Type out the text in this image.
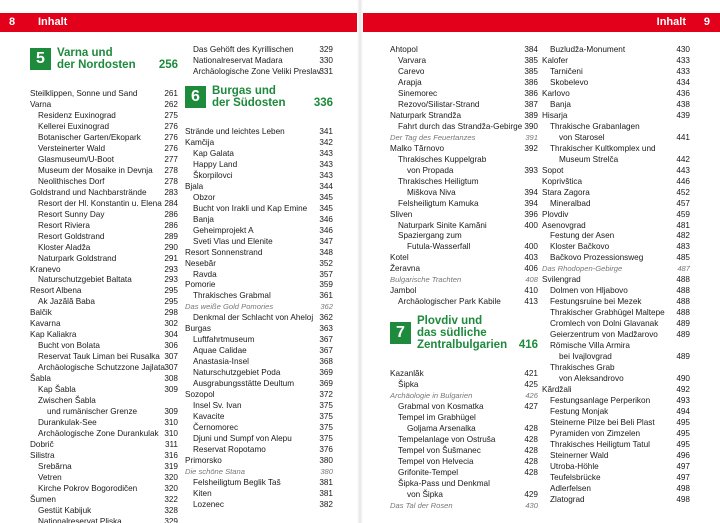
8 Inhalt
5	Varna und
der Nordosten 256
Steilklippen, Sonne und Sand	261
Varna	262
Residenz Euxinograd	275
Kellerei Euxinograd	276
Botanischer Garten/Ekopark	276
Versteinerter Wald	276
Glasmuseum/U-Boot	277
Museum der Mosaike in Devnja 278
Neolithisches Dorf	278
Goldstrand und Nachbarstrände 283
Resort der Hl. Konstantin u. Elena 284
Resort Sunny Day	286
Resort Riviera	286
Resort Goldstrand	289
Kloster Aladža	290
Naturpark Goldstrand	291
Kranevo	293
Naturschutzgebiet Baltata	293
Resort Albena	295
Ak Jazălă Baba	295
Balčik	298
Kavarna	302
Kap Kaliakra	304
Bucht von Bolata	306
Reservat Tauk Liman bei Rusalka 307
Archäologische Schutzzone Jajlata 307
Šabla	308
Kap Šabla	309
Zwischen Šabla
und rumänischer Grenze	309
Durankulak-See	310
Archäologische Zone Durankulak 310
Dobrič	311
Silistra	316
Srebărna	319
Vetren	320
Kirche Pokrov Bogorodičen	320
Šumen	322
Gestüt Kabijuk	328
Nationalreservat Pliska	329
Das Gehöft des Kyrillischen	329
Nationalreservat Madara	330
Archäologische Zone Veliki Preslav
331
6	Burgas und
der Südosten 336
Strände und leichtes Leben	341
Kamčija	342
Kap Galata	343
Happy Land	343
Škorpilovci	343
Bjala	344
Obzor	345
Bucht von Irakli und Kap Emine 345
Banja	346
Geheimprojekt A	346
Sveti Vlas und Elenite	347
Resort Sonnenstrand	348
Nesebăr	352
Ravda	357
Pomorie	359
Thrakisches Grabmal	361
Das weiße Gold Pomories	362
Denkmal der Schlacht von Aheloj 362
Burgas	363
Luftfahrtmuseum	367
Aquae Calidae	367
Anastasia-Insel	368
Naturschutzgebiet Poda	369
Ausgrabungsstätte Deultum	369
Sozopol	372
Insel Sv. Ivan	375
Kavacite	375
Černomorec	375
Djuni und Sumpf von Alepu	375
Reservat Ropotamo	376
Primorsko	380
Die schöne Stana	380
Felsheiligtum Beglik Taš	381
Kiten	381
Lozenec	382
Inhalt 9
Ahtopol	384
Varvara	385
Carevo	385
Arapja	386
Sinemorec	386
Rezovo/Silistar-Strand	387
Naturpark Strandža	389
Fahrt durch das Strandža-Gebirge 390
Der Tag des Feuertanzes	391
Malko Tărnovo	392
Thrakisches Kuppelgrab
von Propada	393
Thrakisches Heiligtum
Miškova Niva	394
Felsheiligtum Kamuka	394
Sliven	396
Naturpark Sinite Kamăni	400
Spaziergang zum
Futula-Wasserfall	400
Kotel	403
Žeravna	406
Bulgarische Trachten	408
Jambol	410
Archäologischer Park Kabile	413
7
Plovdiv und
das südliche
Zentralbulgarien 416
Kazanlăk	421
Šipka	425
Archäologie in Bulgarien	426
Grabmal von Kosmatka	427
Tempel im Grabhügel
Goljama Arsenalka	428
Tempelanlage von Ostruša	428
Tempel von Šušmanec	428
Tempel von Helvecia	428
Grifonite-Tempel	428
Šipka-Pass und Denkmal
von Šipka	429
Das Tal der Rosen	430
Buzludža-Monument	430
Kalofer	433
Tarničeni	433
Skobelevo	434
Karlovo	436
Banja	438
Hisarja	439
Thrakische Grabanlagen
von Starosel	441
Thrakischer Kultkomplex und
Museum Strelča	442
Sopot	443
Koprivštica	446
Stara Zagora	452
Mineralbad	457
Plovdiv	459
Asenovgrad	481
Festung der Asen	482
Kloster Bačkovo	483
Bačkovo Prozessionsweg	485
Das Rhodopen-Gebirge	487
Svilengrad	488
Dolmen von Hljabovo	488
Festungsruine bei Mezek	488
Thrakischer Grabhügel Maltepe 488
Cromlech von Dolni Glavanak 489
Geierzentrum von Madžarovo 489
Römische Villa Armira
bei Ivajlovgrad	489
Thrakisches Grab
von Aleksandrovo	490
Kărdžali	492
Festungsanlage Perperikon	493
Festung Monjak	494
Steinerne Pilze bei Beli Plast	495
Pyramiden von Zimzelen	495
Thrakisches Heiligtum Tatul	495
Steinerner Wald	496
Utroba-Höhle	497
Teufelsbrücke	497
Adlerfelsen	498
Zlatograd	498
